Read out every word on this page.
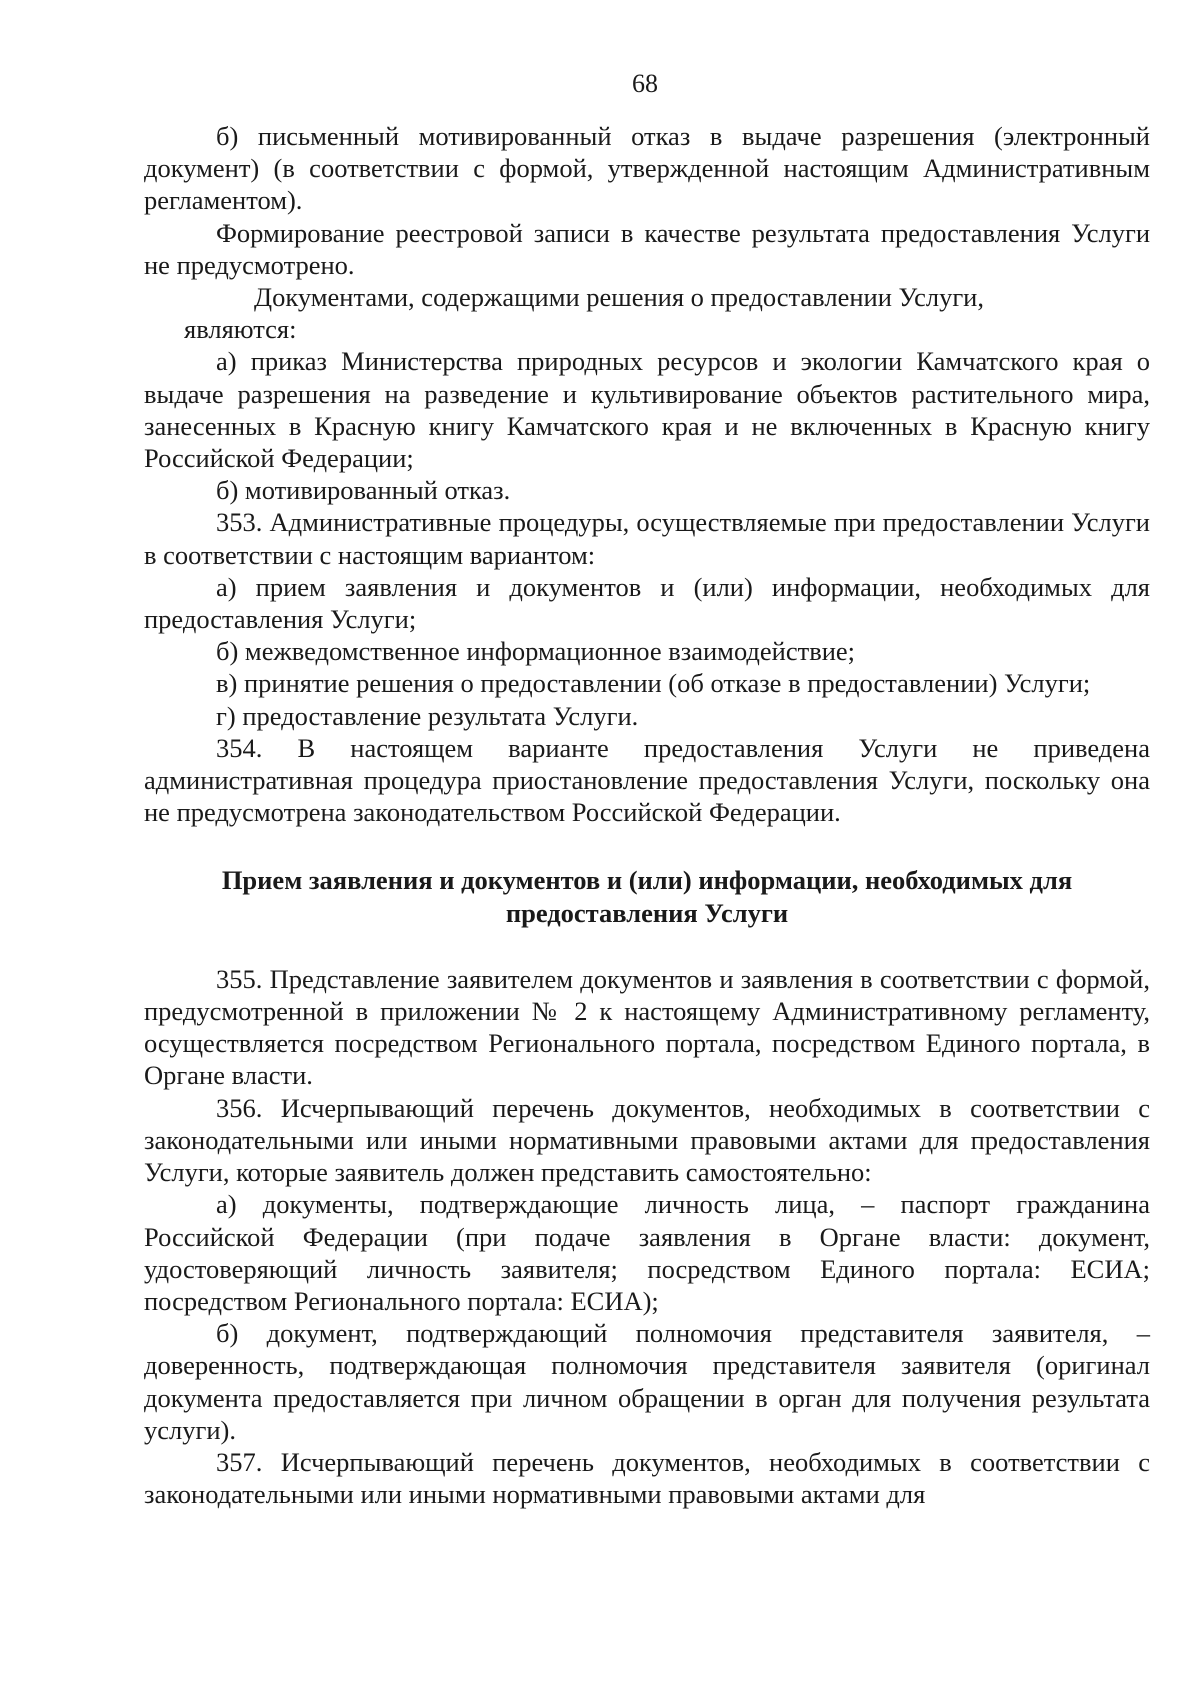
68

б) письменный мотивированный отказ в выдаче разрешения (электронный документ) (в соответствии с формой, утвержденной настоящим Административным регламентом).

Формирование реестровой записи в качестве результата предоставления Услуги не предусмотрено.

Документами, содержащими решения о предоставлении Услуги,

являются:

а) приказ Министерства природных ресурсов и экологии Камчатского края о выдаче разрешения на разведение и культивирование объектов растительного мира, занесенных в Красную книгу Камчатского края и не включенных в Красную книгу Российской Федерации;

б) мотивированный отказ.

353. Административные процедуры, осуществляемые при предоставлении Услуги в соответствии с настоящим вариантом:

а) прием заявления и документов и (или) информации, необходимых для предоставления Услуги;

б) межведомственное информационное взаимодействие;

в) принятие решения о предоставлении (об отказе в предоставлении) Услуги;

г) предоставление результата Услуги.

354. В настоящем варианте предоставления Услуги не приведена административная процедура приостановление предоставления Услуги, поскольку она не предусмотрена законодательством Российской Федерации.

Прием заявления и документов и (или) информации, необходимых для предоставления Услуги

355. Представление заявителем документов и заявления в соответствии с формой, предусмотренной в приложении № 2 к настоящему Административному регламенту, осуществляется посредством Регионального портала, посредством Единого портала, в Органе власти.

356. Исчерпывающий перечень документов, необходимых в соответствии с законодательными или иными нормативными правовыми актами для предоставления Услуги, которые заявитель должен представить самостоятельно:

а) документы, подтверждающие личность лица, – паспорт гражданина Российской Федерации (при подаче заявления в Органе власти: документ, удостоверяющий личность заявителя; посредством Единого портала: ЕСИА; посредством Регионального портала: ЕСИА);

б) документ, подтверждающий полномочия представителя заявителя, – доверенность, подтверждающая полномочия представителя заявителя (оригинал документа предоставляется при личном обращении в орган для получения результата услуги).

357. Исчерпывающий перечень документов, необходимых в соответствии с законодательными или иными нормативными правовыми актами для
